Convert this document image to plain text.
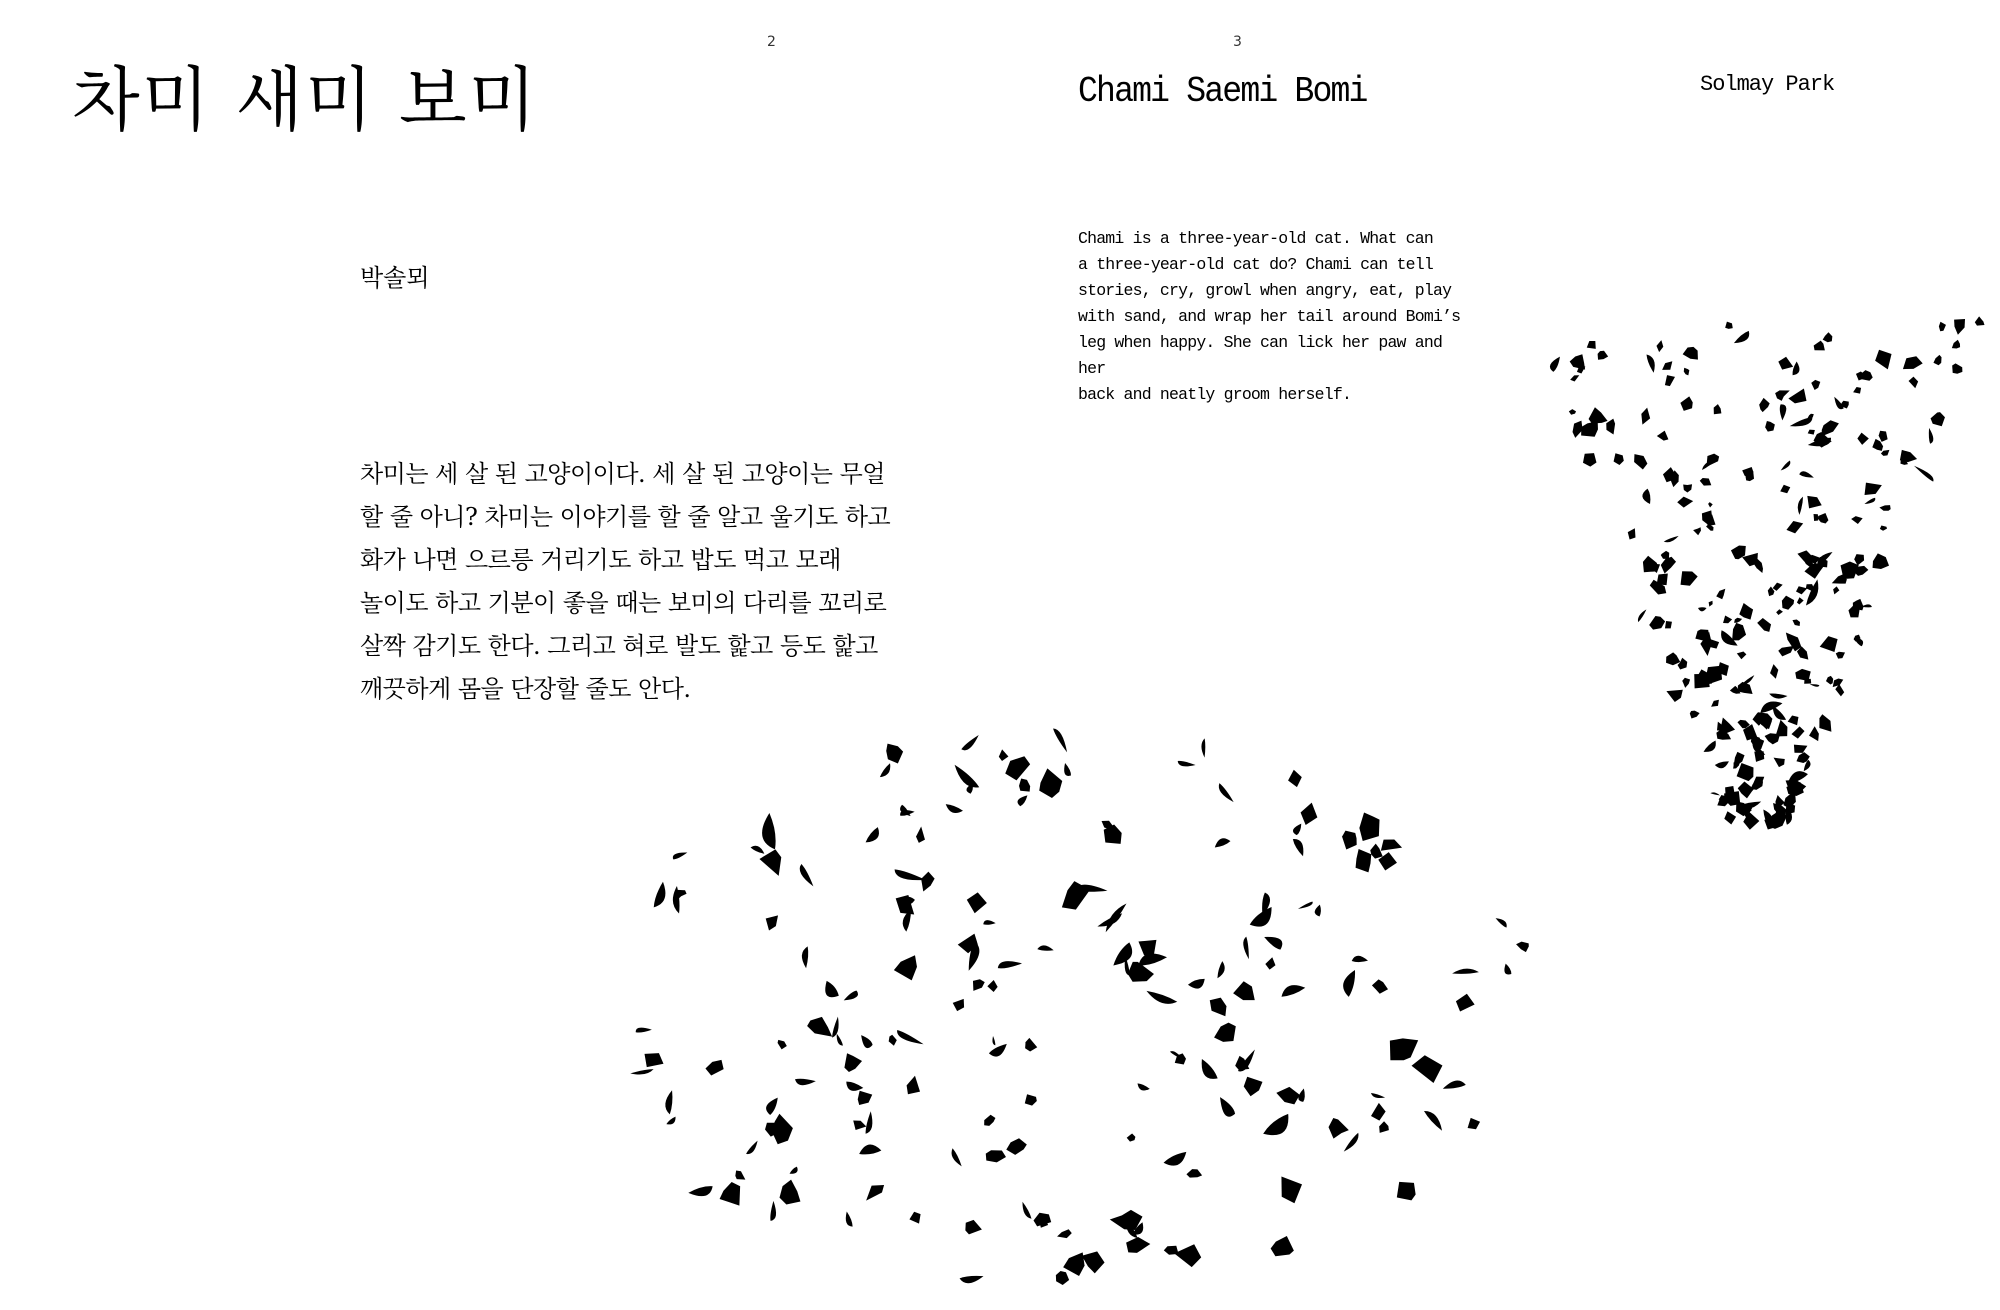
2	3
차미 새미 보미
박솔뫼

차미는 세 살 된 고양이이다. 세 살 된 고양이는 무얼
할 줄 아니? 차미는 이야기를 할 줄 알고 울기도 하고
화가 나면 으르릉 거리기도 하고 밥도 먹고 모래
놀이도 하고 기분이 좋을 때는 보미의 다리를 꼬리로
살짝 감기도 한다. 그리고 혀로 발도 핥고 등도 핥고
깨끗하게 몸을 단장할 줄도 안다.

Chami Saemi Bomi	Solmay Park

Chami is a three-year-old cat. What can
a three-year-old cat do? Chami can tell
stories, cry, growl when angry, eat, play
with sand, and wrap her tail around Bomi’s
leg when happy. She can lick her paw and her
back and neatly groom herself.
